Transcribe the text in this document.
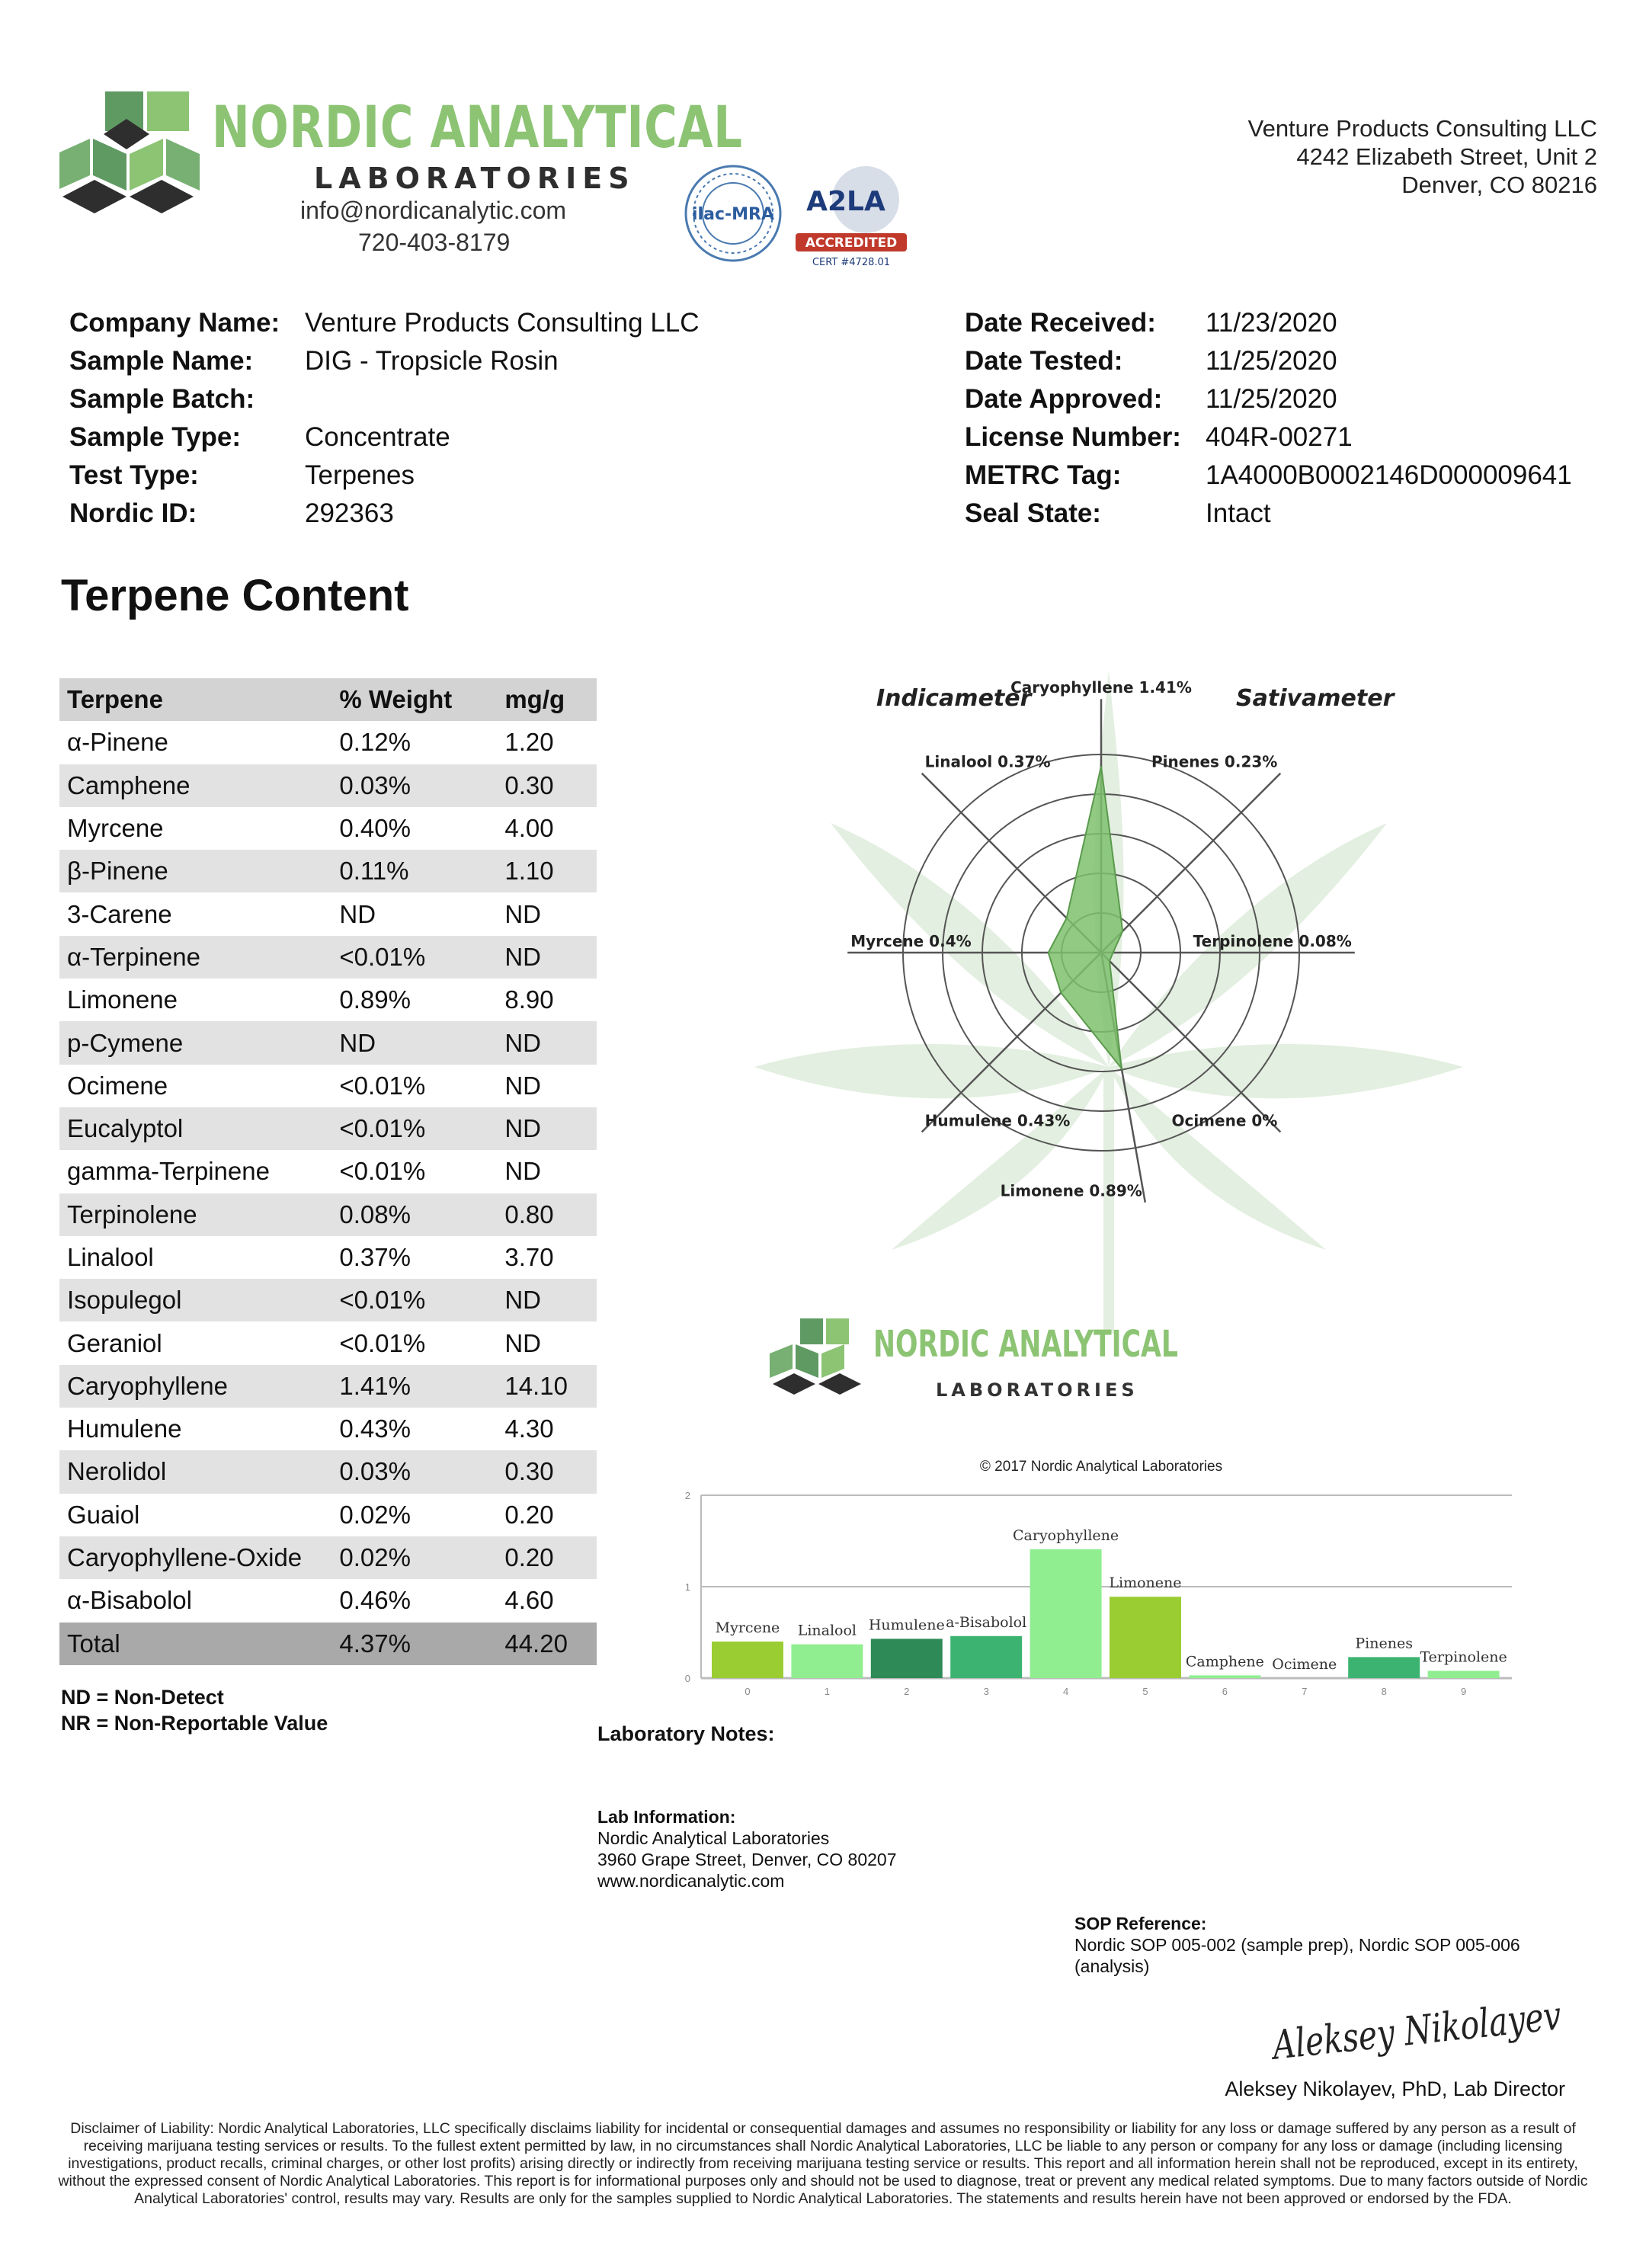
NORDIC ANALYTICAL
LABORATORIES
info@nordicanalytic.com
720-403-8179
ilac-MRA A2LA
ACCREDITED
CERT #4728.01
Venture Products Consulting LLC
4242 Elizabeth Street, Unit 2
Denver, CO 80216
Company Name: Venture Products Consulting LLC
Sample Name: DIG - Tropsicle Rosin
Sample Batch:
Sample Type: Concentrate
Test Type:	Terpenes
Nordic ID:	292363
Date Received: 11/23/2020
Date Tested:	11/25/2020
Date Approved: 11/25/2020
License Number: 404R-00271
METRC Tag:	1A4000B0002146D000009641
Seal State:	Intact
Terpene Content
Terpene	% Weight	mg/g
α-Pinene	0.12%	1.20
Camphene	0.03%	0.30
Myrcene	0.40%	4.00
β-Pinene	0.11%	1.10
3-Carene	ND	ND
α-Terpinene	<0.01%	ND
Limonene	0.89%	8.90
p-Cymene	ND	ND
Ocimene	<0.01%	ND
Eucalyptol	<0.01%	ND
gamma-Terpinene	<0.01%	ND
Terpinolene	0.08%	0.80
Linalool	0.37%	3.70
Isopulegol	<0.01%	ND
Geraniol	<0.01%	ND
Caryophyllene	1.41%	14.10
Humulene	0.43%	4.30
Nerolidol	0.03%	0.30
Guaiol	0.02%	0.20
Caryophyllene-Oxide	0.02%	0.20
α-Bisabolol	0.46%	4.60
Total	4.37%	44.20
ND = Non-Detect
NR = Non-Reportable Value
Indicameter	Sativameter
Caryophyllene 1.41%
Pinenes 0.23%
Terpinolene 0.08%
Ocimene 0%
Limonene 0.89%
Humulene 0.43%
Myrcene 0.4%
Linalool 0.37%
NORDIC ANALYTICAL
LABORATORIES
© 2017 Nordic Analytical Laboratories
0
1
2
Myrcene
0
Linalool
1
Humulene
2
a-Bisabolol
3
Caryophyllene
4
Limonene
5
Camphene
6
Ocimene
7
Pinenes
8
Terpinolene
9
Laboratory Notes:
Lab Information:
Nordic Analytical Laboratories
3960 Grape Street, Denver, CO 80207
www.nordicanalytic.com
SOP Reference:
Nordic SOP 005-002 (sample prep), Nordic SOP 005-006 (analysis)
Aleksey Nikolayev
Aleksey Nikolayev, PhD, Lab Director
Disclaimer of Liability: Nordic Analytical Laboratories, LLC specifically disclaims liability for incidental or consequential damages and assumes no responsibility or liability for any loss or damage suffered by any person as a result of receiving marijuana testing services or results. To the fullest extent permitted by law, in no circumstances shall Nordic Analytical Laboratories, LLC be liable to any person or company for any loss or damage (including licensing investigations, product recalls, criminal charges, or other lost profits) arising directly or indirectly from receiving marijuana testing service or results. This report and all information herein shall not be reproduced, except in its entirety, without the expressed consent of Nordic Analytical Laboratories. This report is for informational purposes only and should not be used to diagnose, treat or prevent any medical related symptoms. Due to many factors outside of Nordic Analytical Laboratories' control, results may vary. Results are only for the samples supplied to Nordic Analytical Laboratories. The statements and results herein have not been approved or endorsed by the FDA.
